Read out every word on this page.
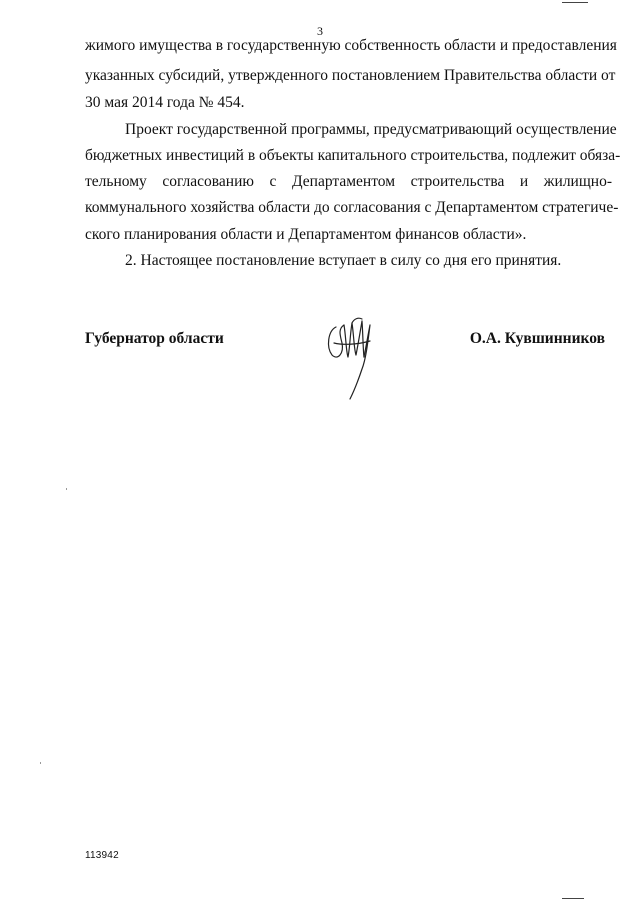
3
жимого имущества в государственную собственность области и предоставления
указанных субсидий, утвержденного постановлением Правительства области от
30 мая 2014 года № 454.
Проект государственной программы, предусматривающий осуществление
бюджетных инвестиций в объекты капитального строительства, подлежит обяза-
тельному согласованию с Департаментом строительства и жилищно-
коммунального хозяйства области до согласования с Департаментом стратегиче-
ского планирования области и Департаментом финансов области».
2. Настоящее постановление вступает в силу со дня его принятия.
Губернатор области	О.А. Кувшинников
113942
